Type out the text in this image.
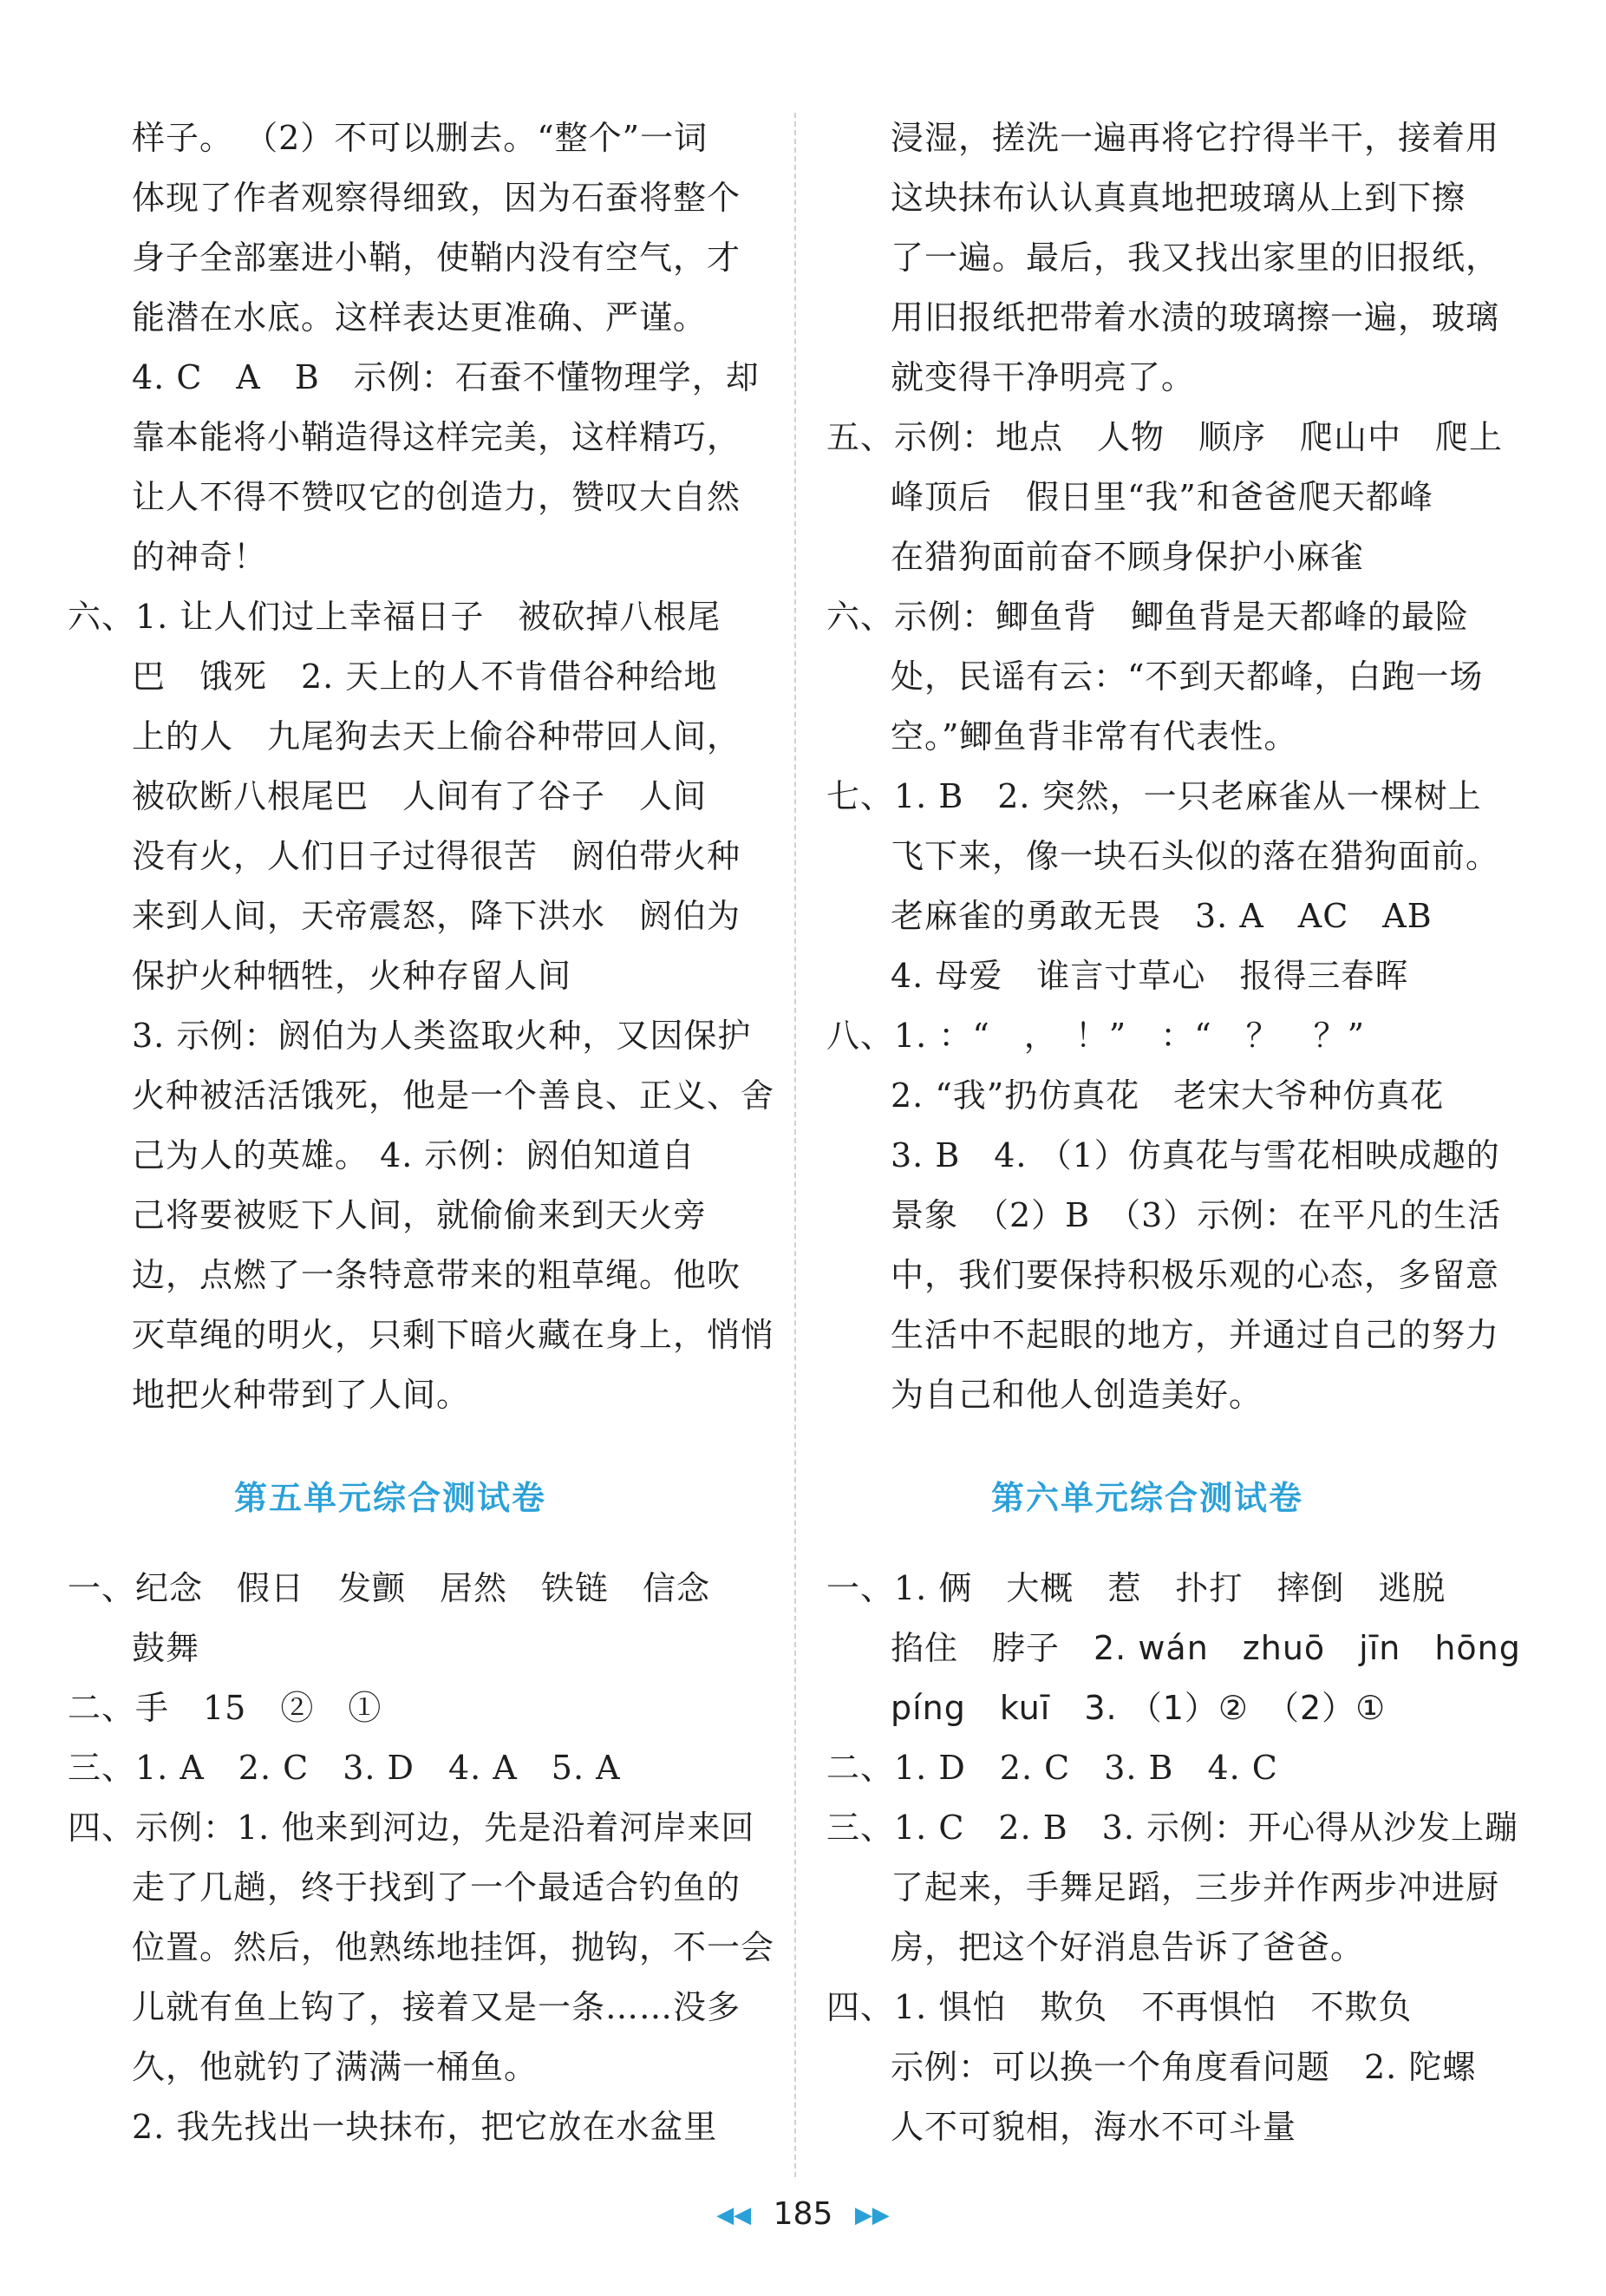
样子。 （2）不可以删去。“整个”一词
体现了作者观察得细致，因为石蚕将整个
身子全部塞进小鞘，使鞘内没有空气，才
能潜在水底。这样表达更准确、严谨。
4. C　A　B　示例：石蚕不懂物理学，却
靠本能将小鞘造得这样完美，这样精巧，
让人不得不赞叹它的创造力，赞叹大自然
的神奇！
六、1. 让人们过上幸福日子　被砍掉八根尾
巴　饿死　2. 天上的人不肯借谷种给地
上的人　九尾狗去天上偷谷种带回人间，
被砍断八根尾巴　人间有了谷子　人间
没有火，人们日子过得很苦　阏伯带火种
来到人间，天帝震怒，降下洪水　阏伯为
保护火种牺牲，火种存留人间
3. 示例：阏伯为人类盗取火种，又因保护
火种被活活饿死，他是一个善良、正义、舍
己为人的英雄。 4. 示例：阏伯知道自
己将要被贬下人间，就偷偷来到天火旁
边，点燃了一条特意带来的粗草绳。他吹
灭草绳的明火，只剩下暗火藏在身上，悄悄
地把火种带到了人间。
第五单元综合测试卷
一、纪念　假日　发颤　居然　铁链　信念
鼓舞
二、手　15　②　①
三、1. A　2. C　3. D　4. A　5. A
四、示例：1. 他来到河边，先是沿着河岸来回
走了几趟，终于找到了一个最适合钓鱼的
位置。然后，他熟练地挂饵，抛钩，不一会
儿就有鱼上钩了，接着又是一条……没多
久，他就钓了满满一桶鱼。
2. 我先找出一块抹布，把它放在水盆里
浸湿，搓洗一遍再将它拧得半干，接着用
这块抹布认认真真地把玻璃从上到下擦
了一遍。最后，我又找出家里的旧报纸，
用旧报纸把带着水渍的玻璃擦一遍，玻璃
就变得干净明亮了。
五、示例：地点　人物　顺序　爬山中　爬上
峰顶后　假日里“我”和爸爸爬天都峰
在猎狗面前奋不顾身保护小麻雀
六、示例：鲫鱼背　鲫鱼背是天都峰的最险
处，民谣有云：“不到天都峰，白跑一场
空。”鲫鱼背非常有代表性。
七、1. B　2. 突然，一只老麻雀从一棵树上
飞下来，像一块石头似的落在猎狗面前。
老麻雀的勇敢无畏　3. A　AC　AB
4. 母爱　谁言寸草心　报得三春晖
八、1. ：“　，　！”　：“　？　？”
2. “我”扔仿真花　老宋大爷种仿真花
3. B　4. （1）仿真花与雪花相映成趣的
景象　（2）B　（3）示例：在平凡的生活
中，我们要保持积极乐观的心态，多留意
生活中不起眼的地方，并通过自己的努力
为自己和他人创造美好。
第六单元综合测试卷
一、1. 俩　大概　惹　扑打　摔倒　逃脱
掐住　脖子　2. wán　zhuō　jīn　hōng
píng　kuī　3. （1）②　（2）①
二、1. D　2. C　3. B　4. C
三、1. C　2. B　3. 示例：开心得从沙发上蹦
了起来，手舞足蹈，三步并作两步冲进厨
房，把这个好消息告诉了爸爸。
四、1. 惧怕　欺负　不再惧怕　不欺负
示例：可以换一个角度看问题　2. 陀螺
人不可貌相，海水不可斗量
◀◀ 185 ▶▶
